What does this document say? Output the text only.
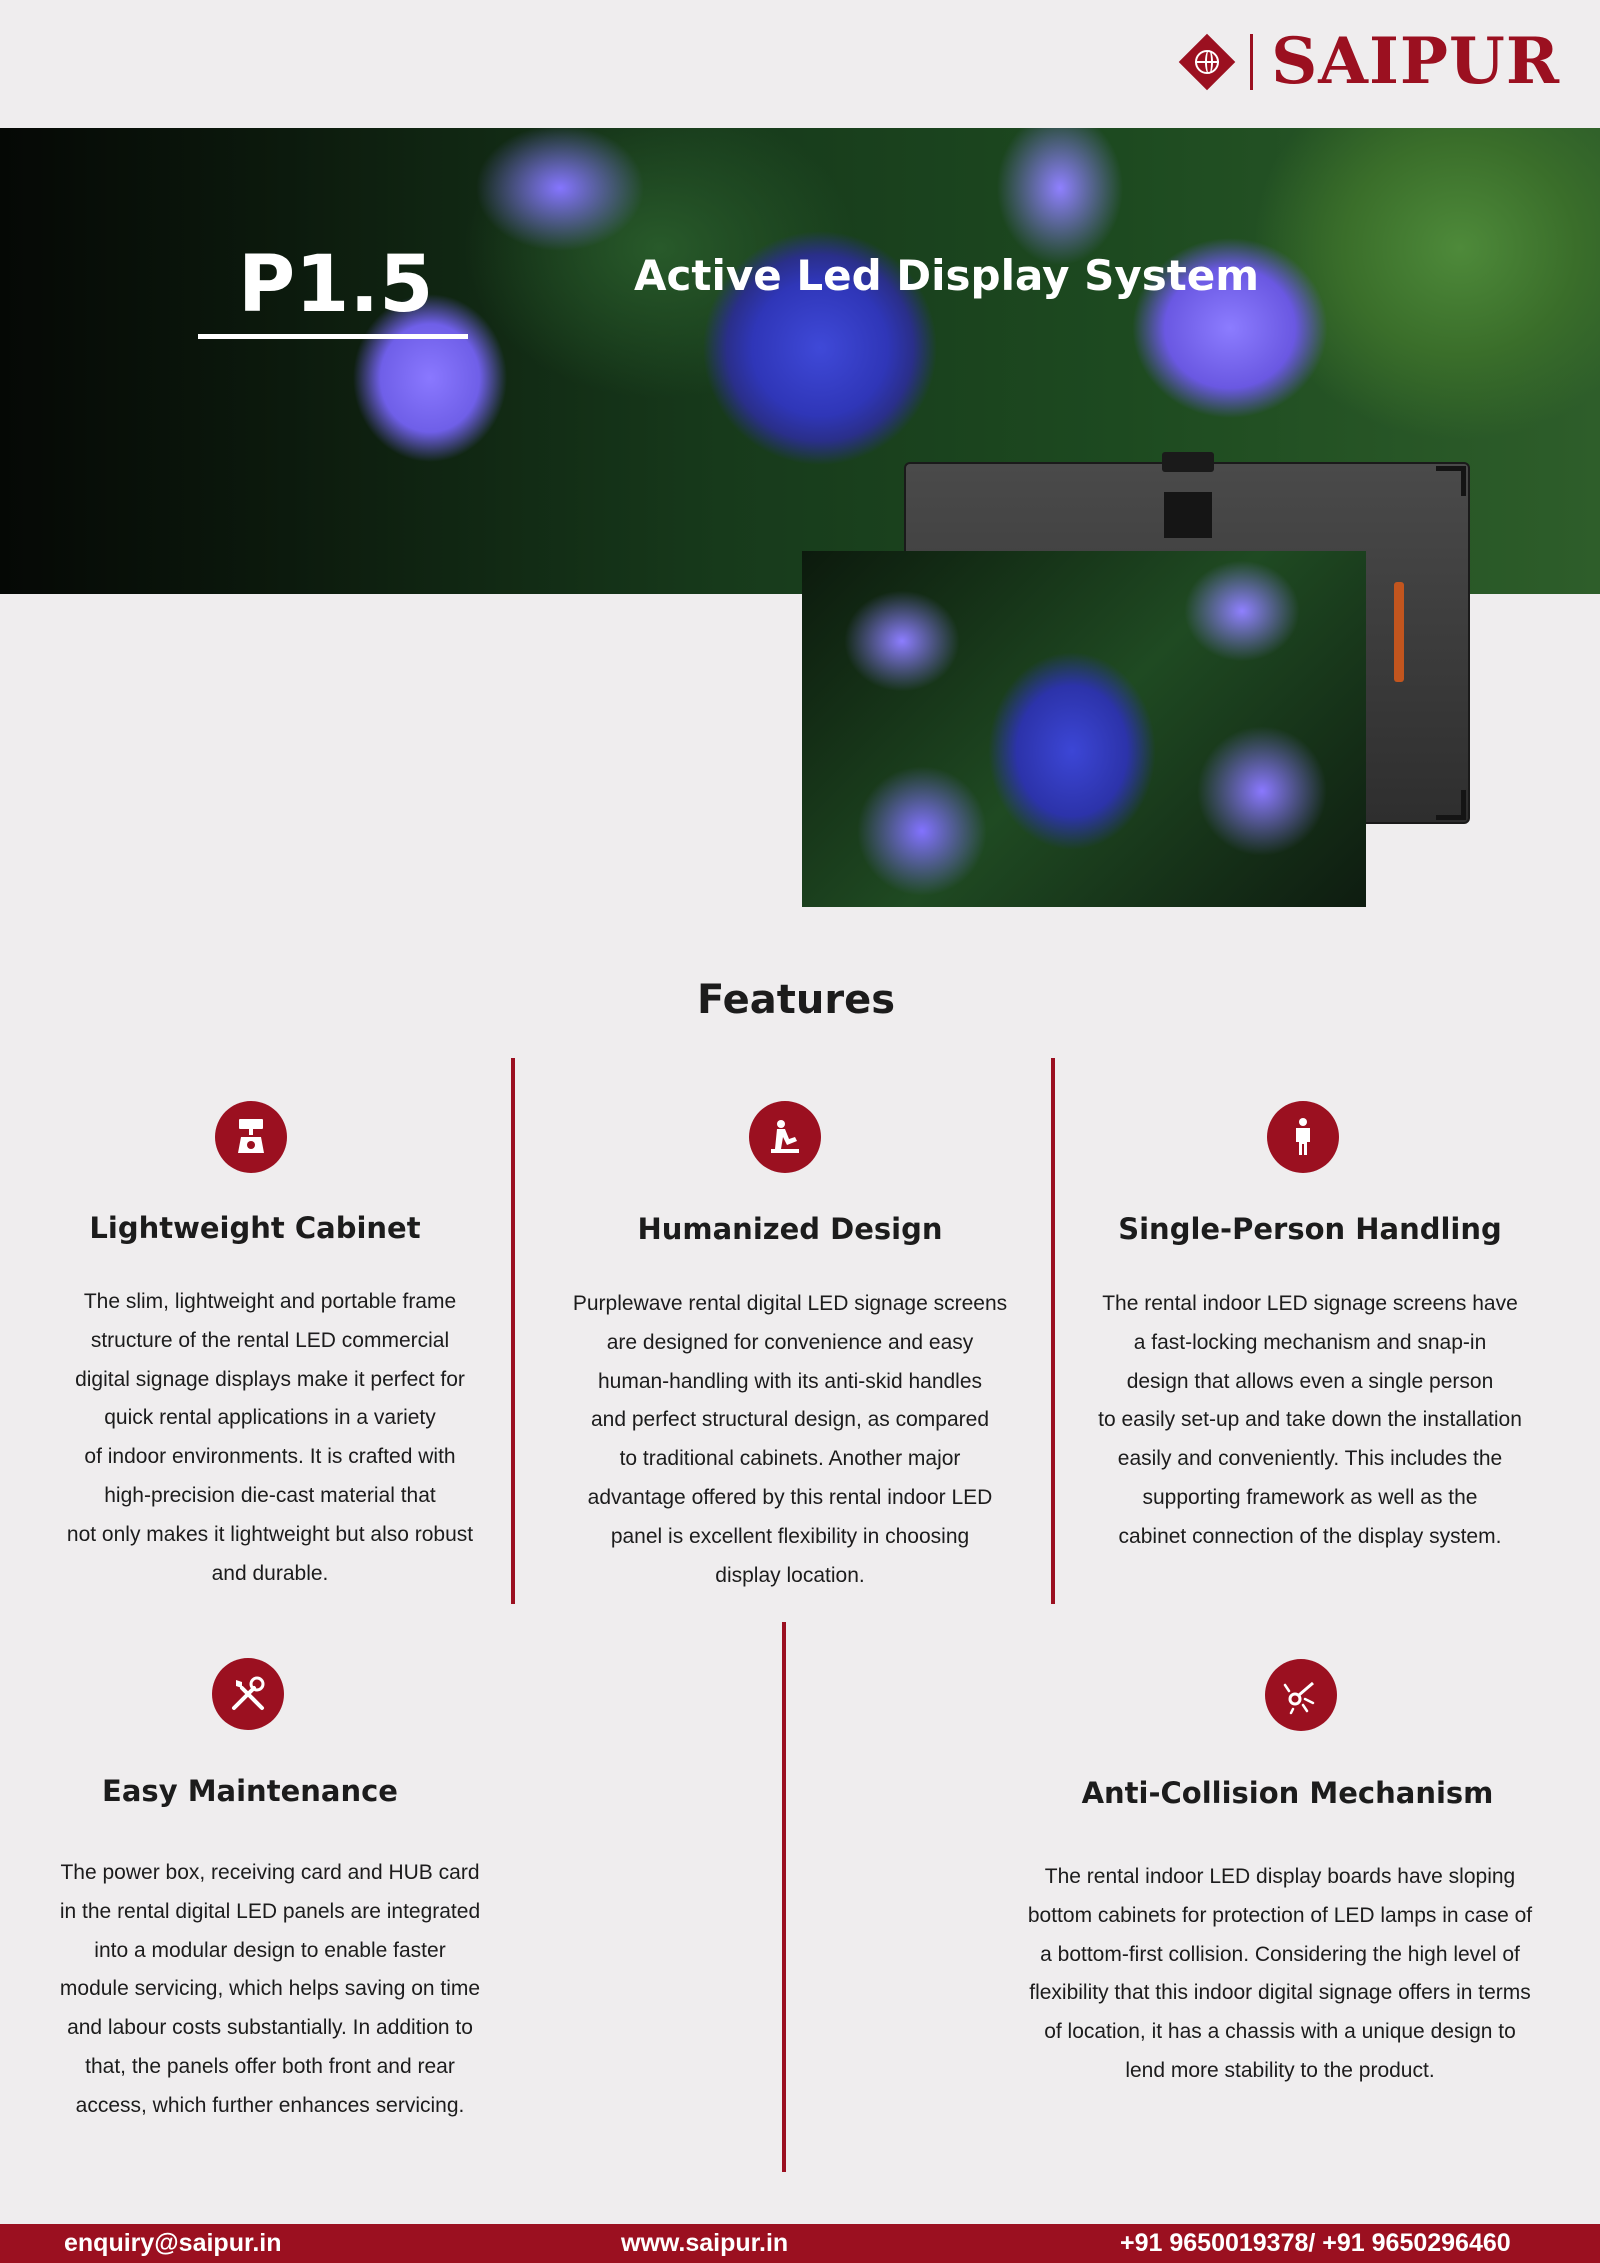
SAIPUR
P1.5	Active Led Display System
Features
Lightweight Cabinet
The slim, lightweight and portable frame
structure of the rental LED commercial
digital signage displays make it perfect for
quick rental applications in a variety
of indoor environments. It is crafted with
high-precision die-cast material that
not only makes it lightweight but also robust
and durable.
Humanized Design
Purplewave rental digital LED signage screens
are designed for convenience and easy
human-handling with its anti-skid handles
and perfect structural design, as compared
to traditional cabinets. Another major
advantage offered by this rental indoor LED
panel is excellent flexibility in choosing
display location.
Single-Person Handling
The rental indoor LED signage screens have
a fast-locking mechanism and snap-in
design that allows even a single person
to easily set-up and take down the installation
easily and conveniently. This includes the
supporting framework as well as the
cabinet connection of the display system.
Easy Maintenance
The power box, receiving card and HUB card
in the rental digital LED panels are integrated
into a modular design to enable faster
module servicing, which helps saving on time
and labour costs substantially. In addition to
that, the panels offer both front and rear
access, which further enhances servicing.
Anti-Collision Mechanism
The rental indoor LED display boards have sloping
bottom cabinets for protection of LED lamps in case of
a bottom-first collision. Considering the high level of
flexibility that this indoor digital signage offers in terms
of location, it has a chassis with a unique design to
lend more stability to the product.
enquiry@saipur.in	www.saipur.in	+91 9650019378/ +91 9650296460
